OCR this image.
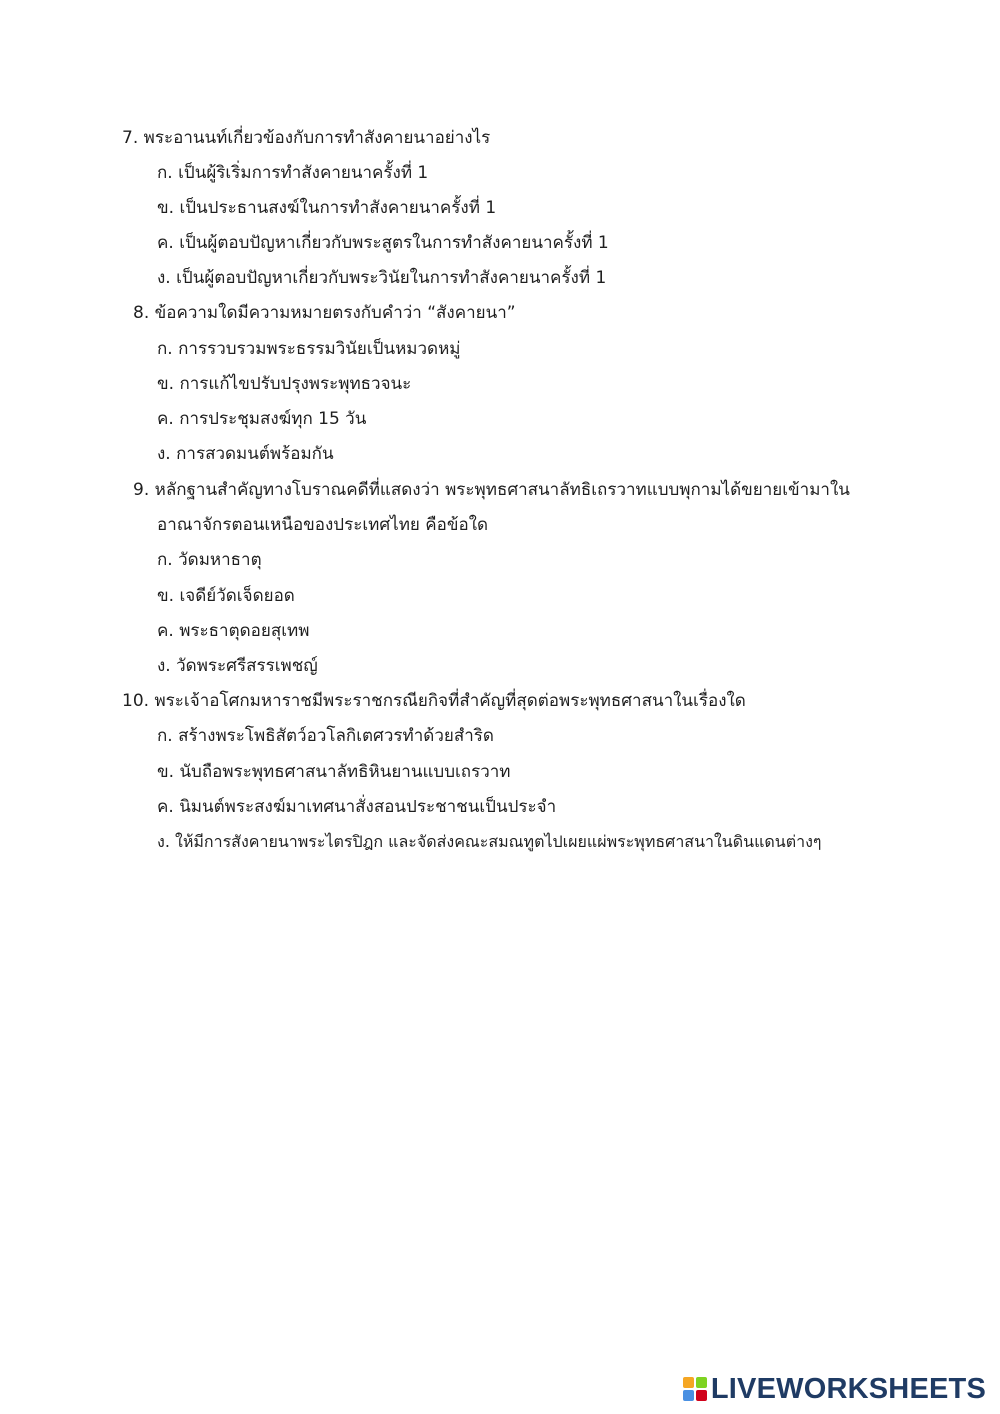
7. พระอานนท์เกี่ยวข้องกับการทำสังคายนาอย่างไร
ก. เป็นผู้ริเริ่มการทำสังคายนาครั้งที่ 1
ข. เป็นประธานสงฆ์ในการทำสังคายนาครั้งที่ 1
ค. เป็นผู้ตอบปัญหาเกี่ยวกับพระสูตรในการทำสังคายนาครั้งที่ 1
ง. เป็นผู้ตอบปัญหาเกี่ยวกับพระวินัยในการทำสังคายนาครั้งที่ 1
8. ข้อความใดมีความหมายตรงกับคำว่า “สังคายนา”
ก. การรวบรวมพระธรรมวินัยเป็นหมวดหมู่
ข. การแก้ไขปรับปรุงพระพุทธวจนะ
ค. การประชุมสงฆ์ทุก 15 วัน
ง. การสวดมนต์พร้อมกัน
9. หลักฐานสำคัญทางโบราณคดีที่แสดงว่า พระพุทธศาสนาลัทธิเถรวาทแบบพุกามได้ขยายเข้ามาใน
อาณาจักรตอนเหนือของประเทศไทย คือข้อใด
ก. วัดมหาธาตุ
ข. เจดีย์วัดเจ็ดยอด
ค. พระธาตุดอยสุเทพ
ง. วัดพระศรีสรรเพชญ์
10. พระเจ้าอโศกมหาราชมีพระราชกรณียกิจที่สำคัญที่สุดต่อพระพุทธศาสนาในเรื่องใด
ก. สร้างพระโพธิสัตว์อวโลกิเตศวรทำด้วยสำริด
ข. นับถือพระพุทธศาสนาลัทธิหินยานแบบเถรวาท
ค. นิมนต์พระสงฆ์มาเทศนาสั่งสอนประชาชนเป็นประจำ
ง. ให้มีการสังคายนาพระไตรปิฎก และจัดส่งคณะสมณทูตไปเผยแผ่พระพุทธศาสนาในดินแดนต่างๆ
LIVEWORKSHEETS
